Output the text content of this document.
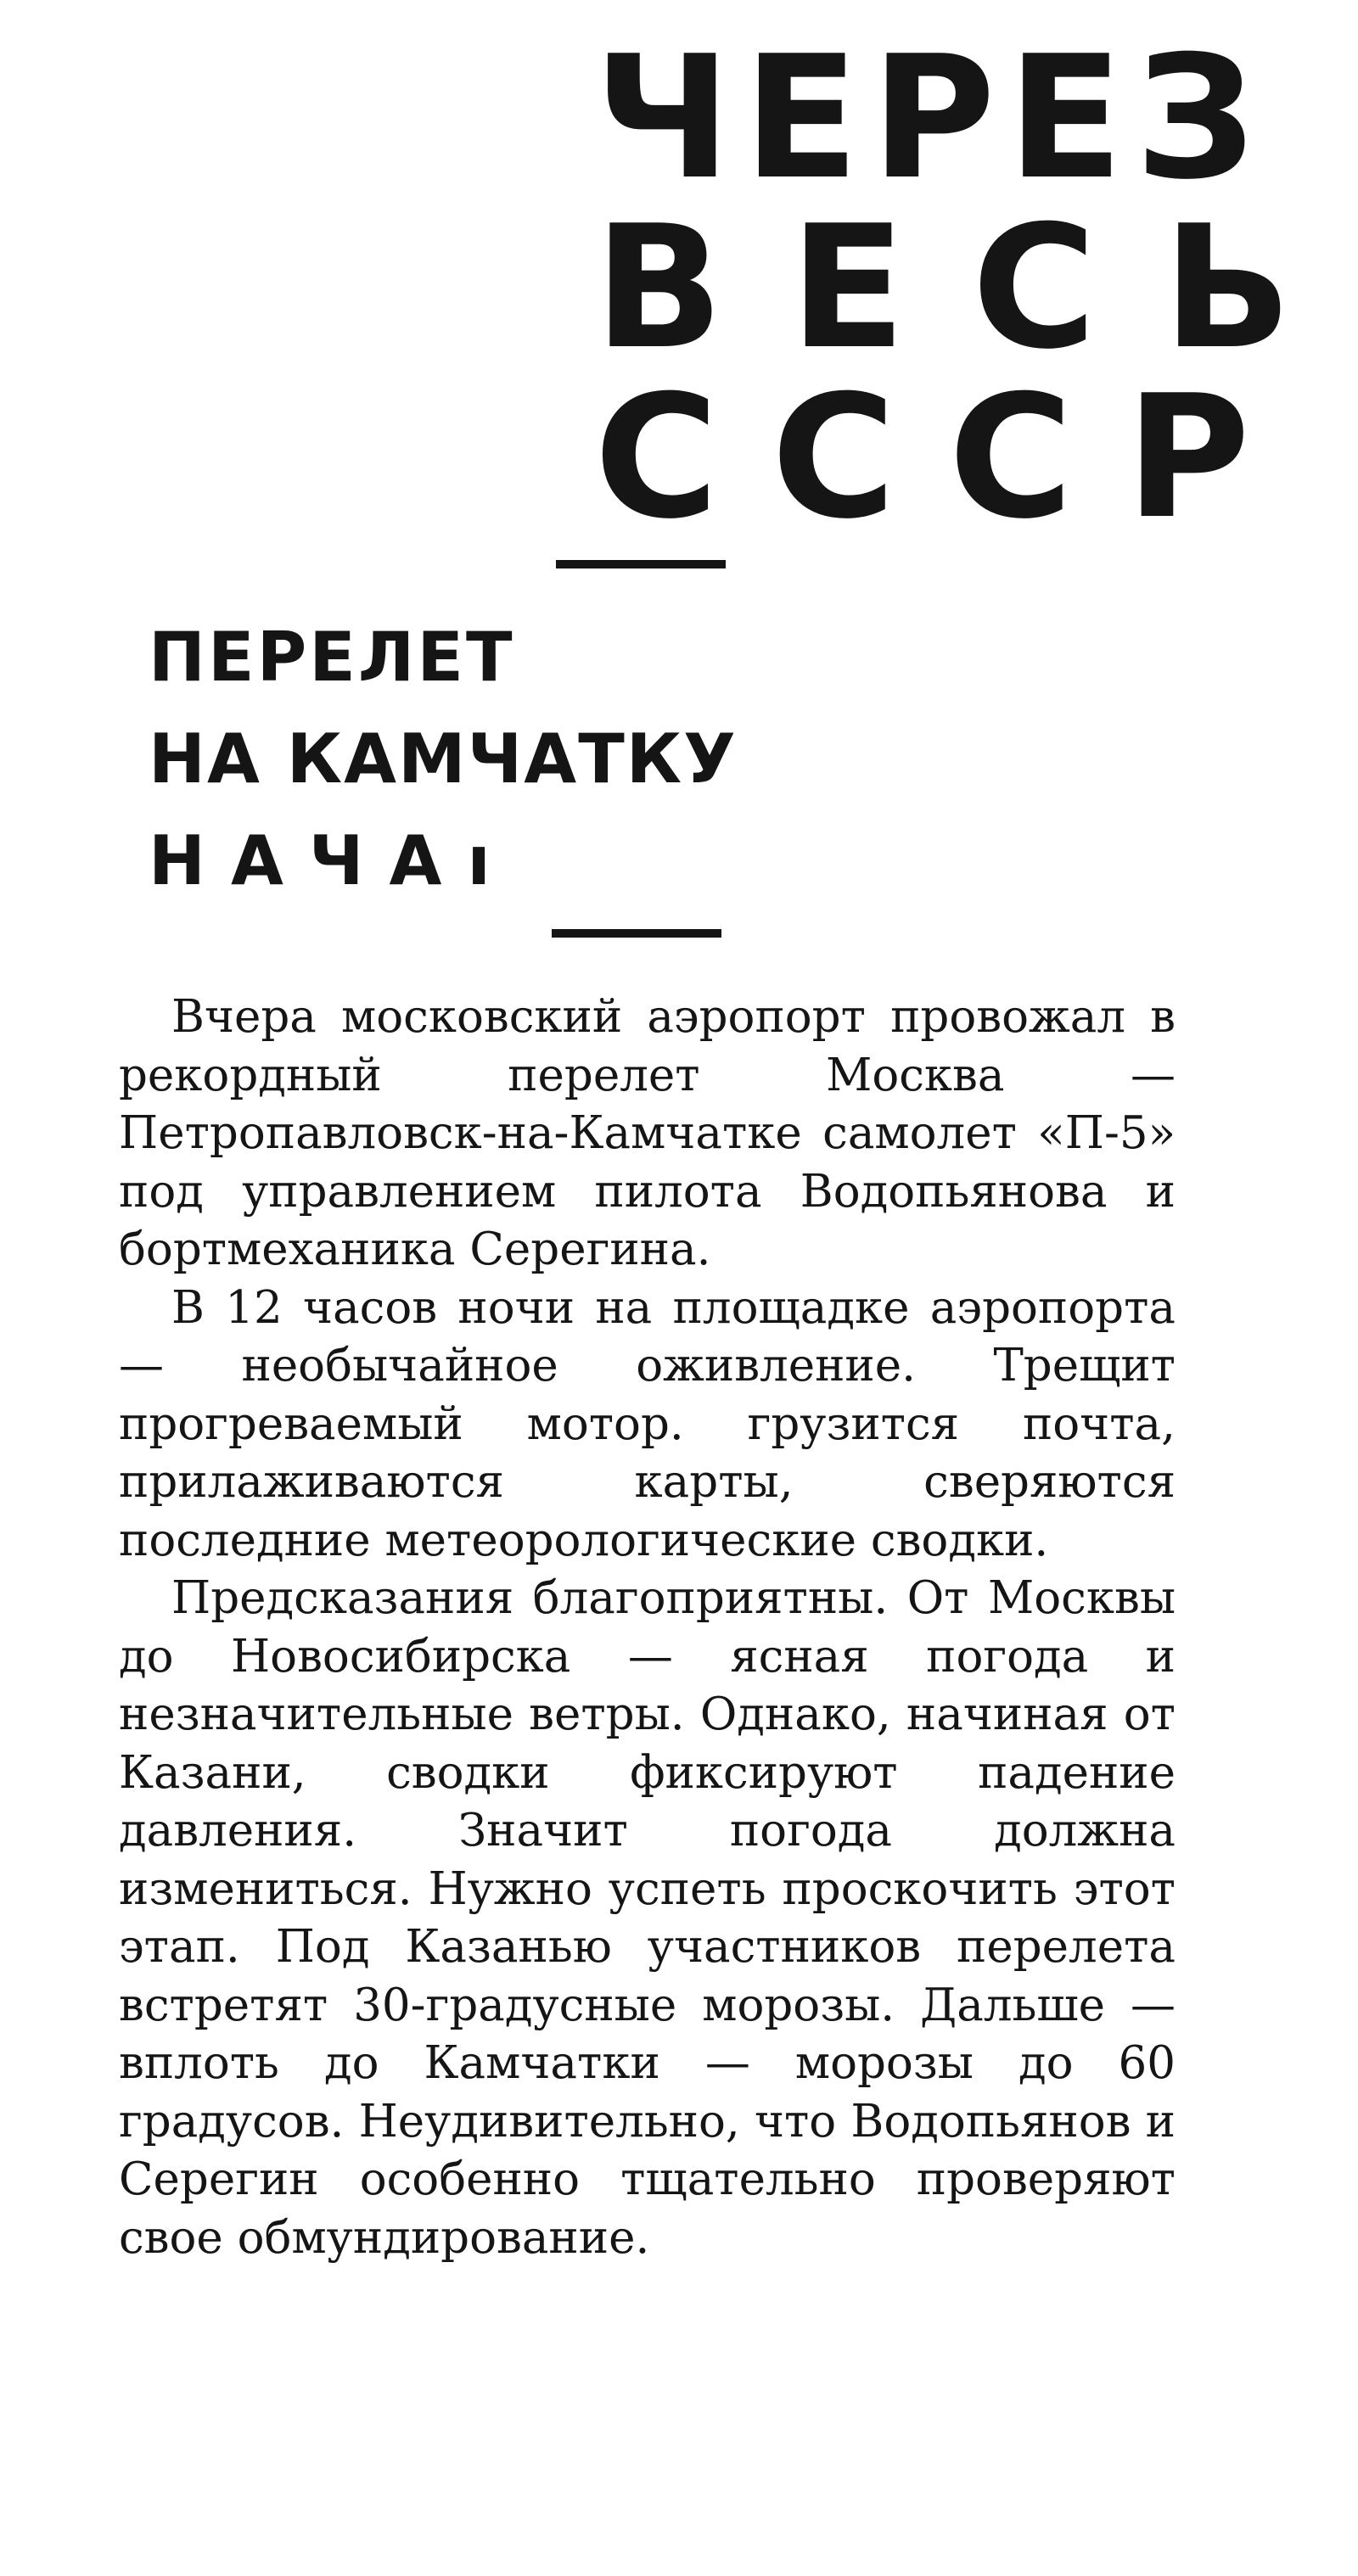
ЧЕРЕЗ
ВЕСЬ
СССР
ПЕРЕЛЕТ
НА КАМЧАТКУ
НАЧАı

Вчера московский аэропорт провожал в рекордный перелет Москва —Петропавловск-на-Камчатке самолет «П-5» под управлением пилота Водопьянова и бортмеханика Серегина.

В 12 часов ночи на площадке аэропорта — необычайное оживление. Трещит прогреваемый мотор. грузится почта, прилаживаются карты, сверяются последние метеорологические сводки.

Предсказания благоприятны. От Москвы до Новосибирска — ясная погода и незначительные ветры. Однако, начиная от Казани, сводки фиксируют падение давления. Значит погода должна измениться. Нужно успеть проскочить этот этап. Под Казанью участников перелета встретят 30-градусные морозы. Дальше — вплоть до Камчатки — морозы до 60 градусов. Неудивительно, что Водопьянов и Серегин особенно тщательно проверяют свое обмундирование.
